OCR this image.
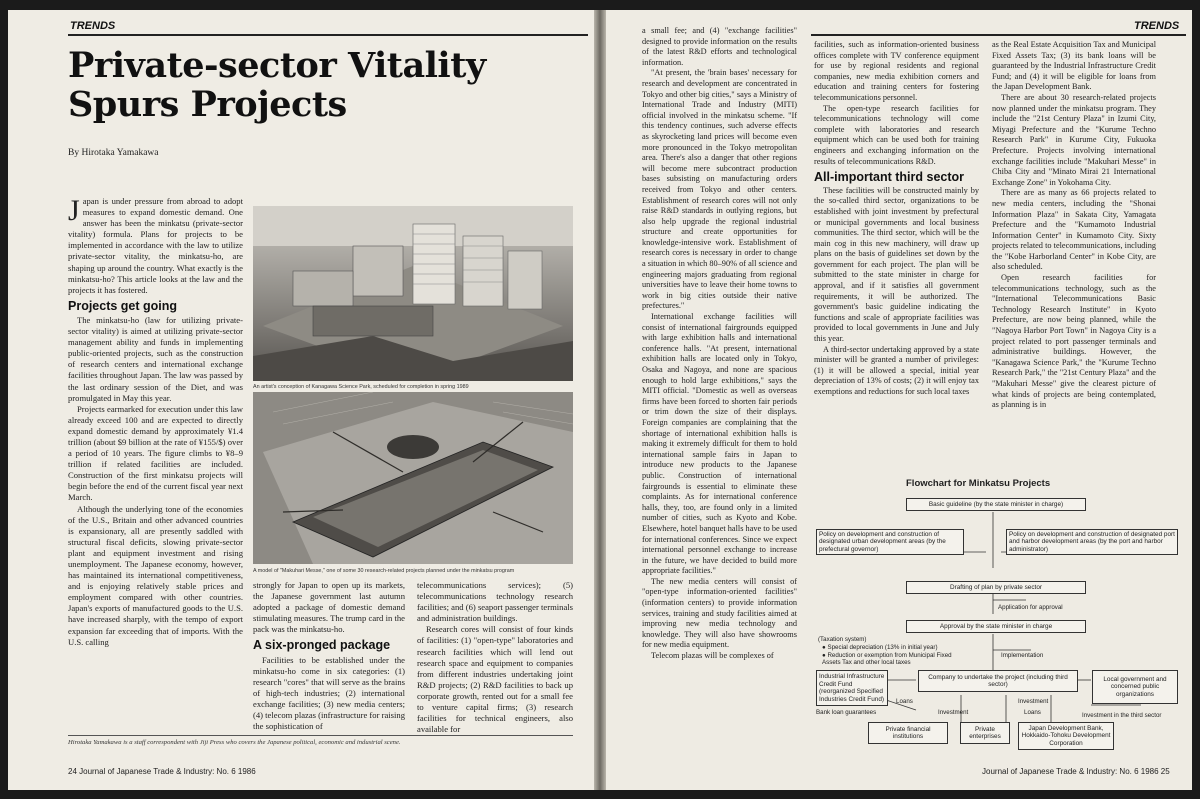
TRENDS
Private-sector Vitality Spurs Projects
By Hirotaka Yamakawa

Japan is under pressure from abroad to adopt measures to expand domestic demand. One answer has been the minkatsu (private-sector vitality) formula. Plans for projects to be implemented in accordance with the law to utilize private-sector vitality, the minkatsu-ho, are shaping up around the country. What exactly is the minkatsu-ho? This article looks at the law and the projects it has fostered.

Projects get going

The minkatsu-ho (law for utilizing private-sector vitality) is aimed at utilizing private-sector management ability and funds in implementing public-oriented projects, such as the construction of research centers and international exchange facilities throughout Japan. The law was passed by the last ordinary session of the Diet, and was promulgated in May this year.

Projects earmarked for execution under this law already exceed 100 and are expected to directly expand domestic demand by approximately ¥1.4 trillion (about $9 billion at the rate of ¥155/$) over a period of 10 years. The figure climbs to ¥8–9 trillion if related facilities are included. Construction of the first minkatsu projects will begin before the end of the current fiscal year next March.

Although the underlying tone of the economies of the U.S., Britain and other advanced countries is expansionary, all are presently saddled with structural fiscal deficits, slowing private-sector plant and equipment investment and rising unemployment. The Japanese economy, however, has maintained its international competitiveness, and is enjoying relatively stable prices and employment compared with other countries. Japan's exports of manufactured goods to the U.S. have increased sharply, with the tempo of export expansion far exceeding that of imports. With the U.S. calling

An artist's conception of Kanagawa Science Park, scheduled for completion in spring 1989
A model of "Makuhari Messe," one of some 30 research-related projects planned under the minkatsu program

strongly for Japan to open up its markets, the Japanese government last autumn adopted a package of domestic demand stimulating measures. The trump card in the pack was the minkatsu-ho.

A six-pronged package

Facilities to be established under the minkatsu-ho come in six categories: (1) research "cores" that will serve as the brains of high-tech industries; (2) international exchange facilities; (3) new media centers; (4) telecom plazas (infrastructure for raising the sophistication of

telecommunications services); (5) telecommunications technology research facilities; and (6) seaport passenger terminals and administration buildings.

Research cores will consist of four kinds of facilities: (1) "open-type" laboratories and research facilities which will lend out research space and equipment to companies from different industries undertaking joint R&D projects; (2) R&D facilities to back up corporate growth, rented out for a small fee to venture capital firms; (3) research facilities for technical engineers, also available for

Hirotaka Yamakawa is a staff correspondent with Jiji Press who covers the Japanese political, economic and industrial scene.
24 Journal of Japanese Trade & Industry: No. 6 1986
TRENDS

a small fee; and (4) "exchange facilities" designed to provide information on the results of the latest R&D efforts and technological information.

"At present, the 'brain bases' necessary for research and development are concentrated in Tokyo and other big cities," says a Ministry of International Trade and Industry (MITI) official involved in the minkatsu scheme. "If this tendency continues, such adverse effects as skyrocketing land prices will become even more pronounced in the Tokyo metropolitan area. There's also a danger that other regions will become mere subcontract production bases subsisting on manufacturing orders received from Tokyo and other centers. Establishment of research cores will not only raise R&D standards in outlying regions, but also help upgrade the regional industrial structure and create opportunities for knowledge-intensive work. Establishment of research cores is necessary in order to change a situation in which 80–90% of all science and engineering majors graduating from regional universities have to leave their home towns to work in big cities outside their native prefectures."

International exchange facilities will consist of international fairgrounds equipped with large exhibition halls and international conference halls. "At present, international exhibition halls are located only in Tokyo, Osaka and Nagoya, and none are spacious enough to hold large exhibitions," says the MITI official. "Domestic as well as overseas firms have been forced to shorten fair periods or trim down the size of their displays. Foreign companies are complaining that the shortage of international exhibition halls is making it extremely difficult for them to hold international sample fairs in Japan to introduce new products to the Japanese public. Construction of international fairgrounds is essential to eliminate these complaints. As for international conference halls, they, too, are found only in a limited number of cities, such as Kyoto and Kobe. Elsewhere, hotel banquet halls have to be used for international conferences. Since we expect international personnel exchange to increase in the future, we have decided to build more appropriate facilities."

The new media centers will consist of "open-type information-oriented facilities" (information centers) to provide information services, training and study facilities aimed at improving new media technology and knowledge. They will also have showrooms for new media equipment.

Telecom plazas will be complexes of

facilities, such as information-oriented business offices complete with TV conference equipment for use by regional residents and regional companies, new media exhibition corners and education and training centers for fostering telecommunications personnel.

The open-type research facilities for telecommunications technology will come complete with laboratories and research equipment which can be used both for training engineers and exchanging information on the results of telecommunications R&D.

All-important third sector

These facilities will be constructed mainly by the so-called third sector, organizations to be established with joint investment by prefectural or municipal governments and local business communities. The third sector, which will be the main cog in this new machinery, will draw up plans on the basis of guidelines set down by the government for each project. The plan will be submitted to the state minister in charge for approval, and if it satisfies all government requirements, it will be authorized. The government's basic guideline indicating the functions and scale of appropriate facilities was provided to local governments in June and July this year.

A third-sector undertaking approved by a state minister will be granted a number of privileges: (1) it will be allowed a special, initial year depreciation of 13% of costs; (2) it will enjoy tax exemptions and reductions for such local taxes

as the Real Estate Acquisition Tax and Municipal Fixed Assets Tax; (3) its bank loans will be guaranteed by the Industrial Infrastructure Credit Fund; and (4) it will be eligible for loans from the Japan Development Bank.

There are about 30 research-related projects now planned under the minkatsu program. They include the "21st Century Plaza" in Izumi City, Miyagi Prefecture and the "Kurume Techno Research Park" in Kurume City, Fukuoka Prefecture. Projects involving international exchange facilities include "Makuhari Messe" in Chiba City and "Minato Mirai 21 International Exchange Zone" in Yokohama City.

There are as many as 66 projects related to new media centers, including the "Shonai Information Plaza" in Sakata City, Yamagata Prefecture and the "Kumamoto Industrial Information Center" in Kumamoto City. Sixty projects related to telecommunications, including the "Kobe Harborland Center" in Kobe City, are also scheduled.

Open research facilities for telecommunications technology, such as the "International Telecommunications Basic Technology Research Institute" in Kyoto Prefecture, are now being planned, while the "Nagoya Harbor Port Town" in Nagoya City is a project related to port passenger terminals and administrative buildings. However, the "Kanagawa Science Park," the "Kurume Techno Research Park," the "21st Century Plaza" and the "Makuhari Messe" give the clearest picture of what kinds of projects are being contemplated, as planning is in

Flowchart for Minkatsu Projects
Basic guideline (by the state minister in charge)
Policy on development and construction of designated urban development areas (by the prefectural governor)
Policy on development and construction of designated port and harbor development areas (by the port and harbor administrator)
Drafting of plan by private sector
Application for approval
Approval by the state minister in charge
(Taxation system)
● Special depreciation (13% in initial year)
● Reduction or exemption from Municipal Fixed Assets Tax and other local taxes
Implementation
Industrial Infrastructure Credit Fund (reorganized Specified Industries Credit Fund)
Company to undertake the project (including third sector)
Local government and concerned public organizations
Loans
Bank loan guarantees	Investment
Investment
Loans	Investment in the third sector
Private financial institutions
Private enterprises
Japan Development Bank, Hokkaido-Tohoku Development Corporation
Journal of Japanese Trade & Industry: No. 6 1986 25
